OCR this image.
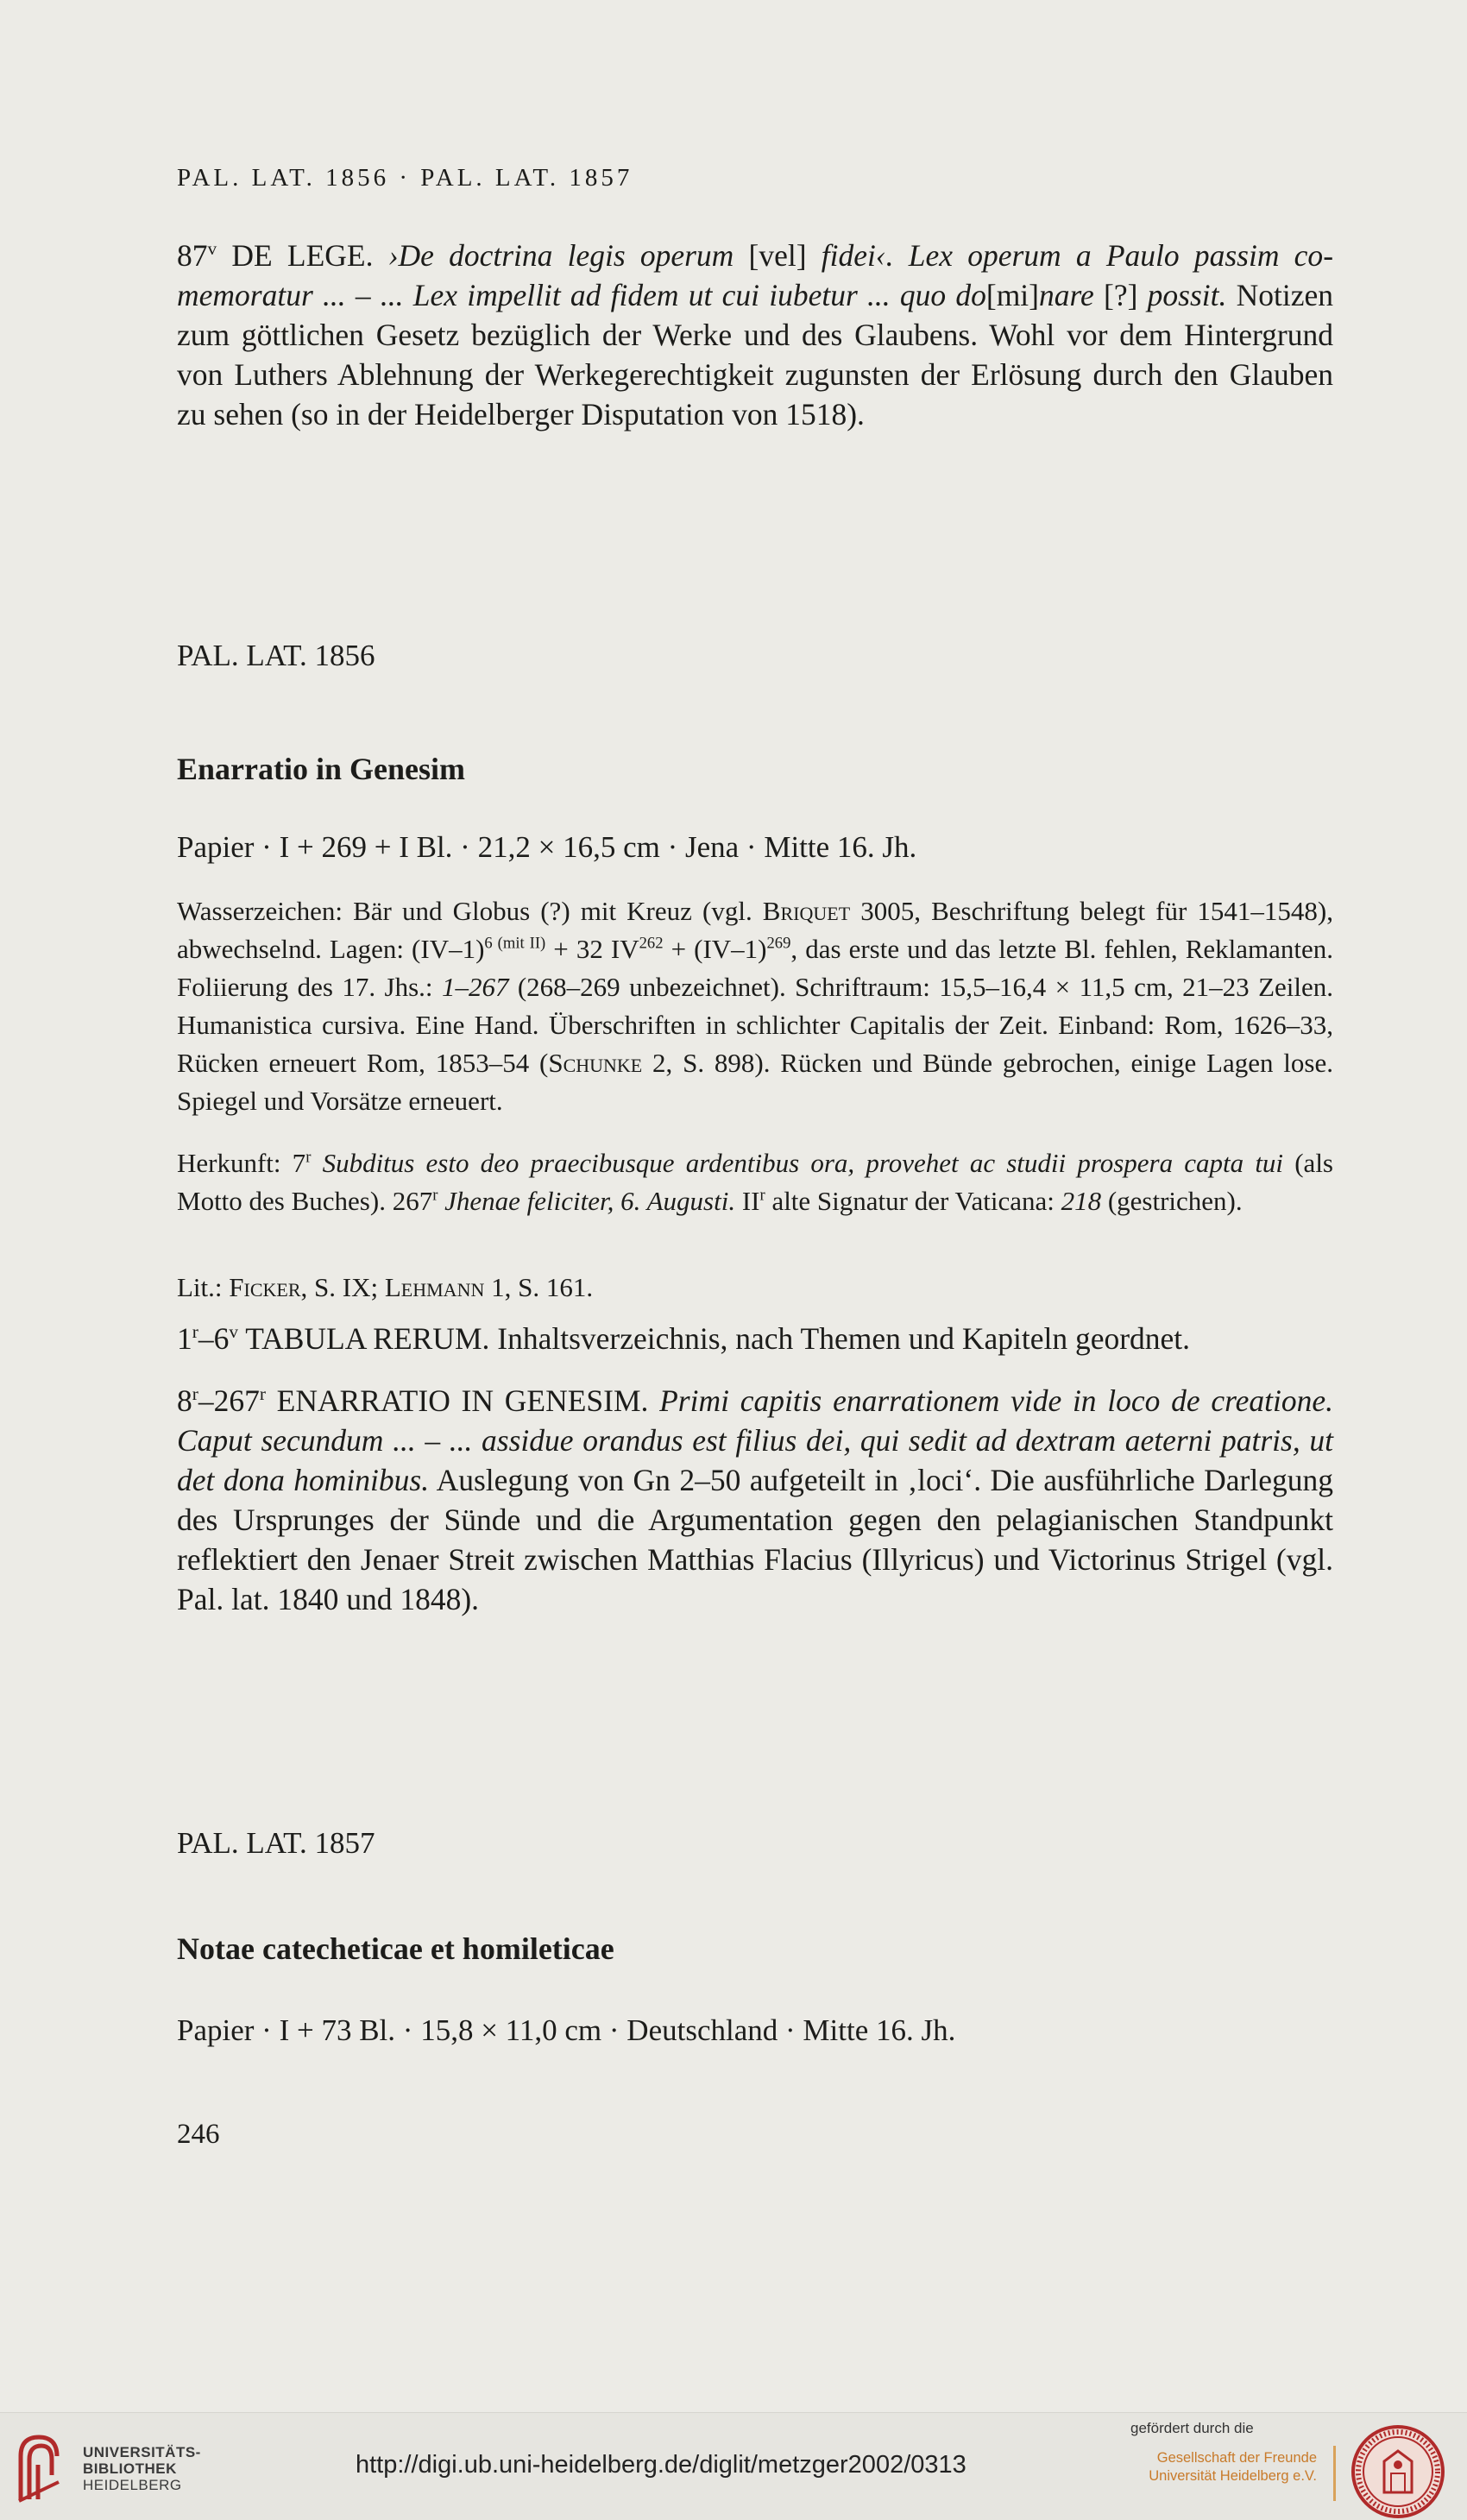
PAL. LAT. 1856 · PAL. LAT. 1857

87$^v$ DE LEGE. ›De doctrina legis operum [vel] fidei‹. Lex operum a Paulo passim comemoratur ... – ... Lex impellit ad fidem ut cui iubetur ... quo do[mi]nare [?] possit. Notizen zum göttlichen Gesetz bezüglich der Werke und des Glaubens. Wohl vor dem Hintergrund von Luthers Ablehnung der Werkegerechtigkeit zugunsten der Erlösung durch den Glauben zu sehen (so in der Heidelberger Disputation von 1518).

PAL. LAT. 1856
Enarratio in Genesim
Papier · I + 269 + I Bl. · 21,2 × 16,5 cm · Jena · Mitte 16. Jh.

Wasserzeichen: Bär und Globus (?) mit Kreuz (vgl. Briquet 3005, Beschriftung belegt für 1541–1548), abwechselnd. Lagen: $(IV-1)^{6 (mit II)} + 32$ $IV^{262} + (IV-1)^{269}$, das erste und das letzte Bl. fehlen, Reklamanten. Foliierung des 17. Jhs.: 1–267 (268–269 unbezeichnet). Schriftraum: 15,5–16,4 × 11,5 cm, 21–23 Zeilen. Humanistica cursiva. Eine Hand. Überschriften in schlichter Capitalis der Zeit. Einband: Rom, 1626–33, Rücken erneuert Rom, 1853–54 (Schunke 2, S. 898). Rücken und Bünde gebrochen, einige Lagen lose. Spiegel und Vorsätze erneuert.

Herkunft: 7$^r$ Subditus esto deo praecibusque ardentibus ora, provehet ac studii prospera capta tui (als Motto des Buches). 267$^r$ Jhenae feliciter, 6. Augusti. $II^r$ alte Signatur der Vaticana: 218 (gestrichen).

Lit.: Ficker, S. IX; Lehmann 1, S. 161.

1$^r$–6$^v$ TABULA RERUM. Inhaltsverzeichnis, nach Themen und Kapiteln geordnet.

8$^r$–267$^r$ ENARRATIO IN GENESIM. Primi capitis enarrationem vide in loco de creatione. Caput secundum ... – ... assidue orandus est filius dei, qui sedit ad dextram aeterni patris, ut det dona hominibus. Auslegung von Gn 2–50 aufgeteilt in ‚loci‘. Die ausführliche Darlegung des Ursprunges der Sünde und die Argumentation gegen den pelagianischen Standpunkt reflektiert den Jenaer Streit zwischen Matthias Flacius (Illyricus) und Victorinus Strigel (vgl. Pal. lat. 1840 und 1848).

PAL. LAT. 1857
Notae catecheticae et homileticae
Papier · I + 73 Bl. · 15,8 × 11,0 cm · Deutschland · Mitte 16. Jh.
246
UNIVERSITÄTS-
BIBLIOTHEK
HEIDELBERG
http://digi.ub.uni-heidelberg.de/diglit/metzger2002/0313
gefördert durch die
Gesellschaft der Freunde
Universität Heidelberg e.V.
